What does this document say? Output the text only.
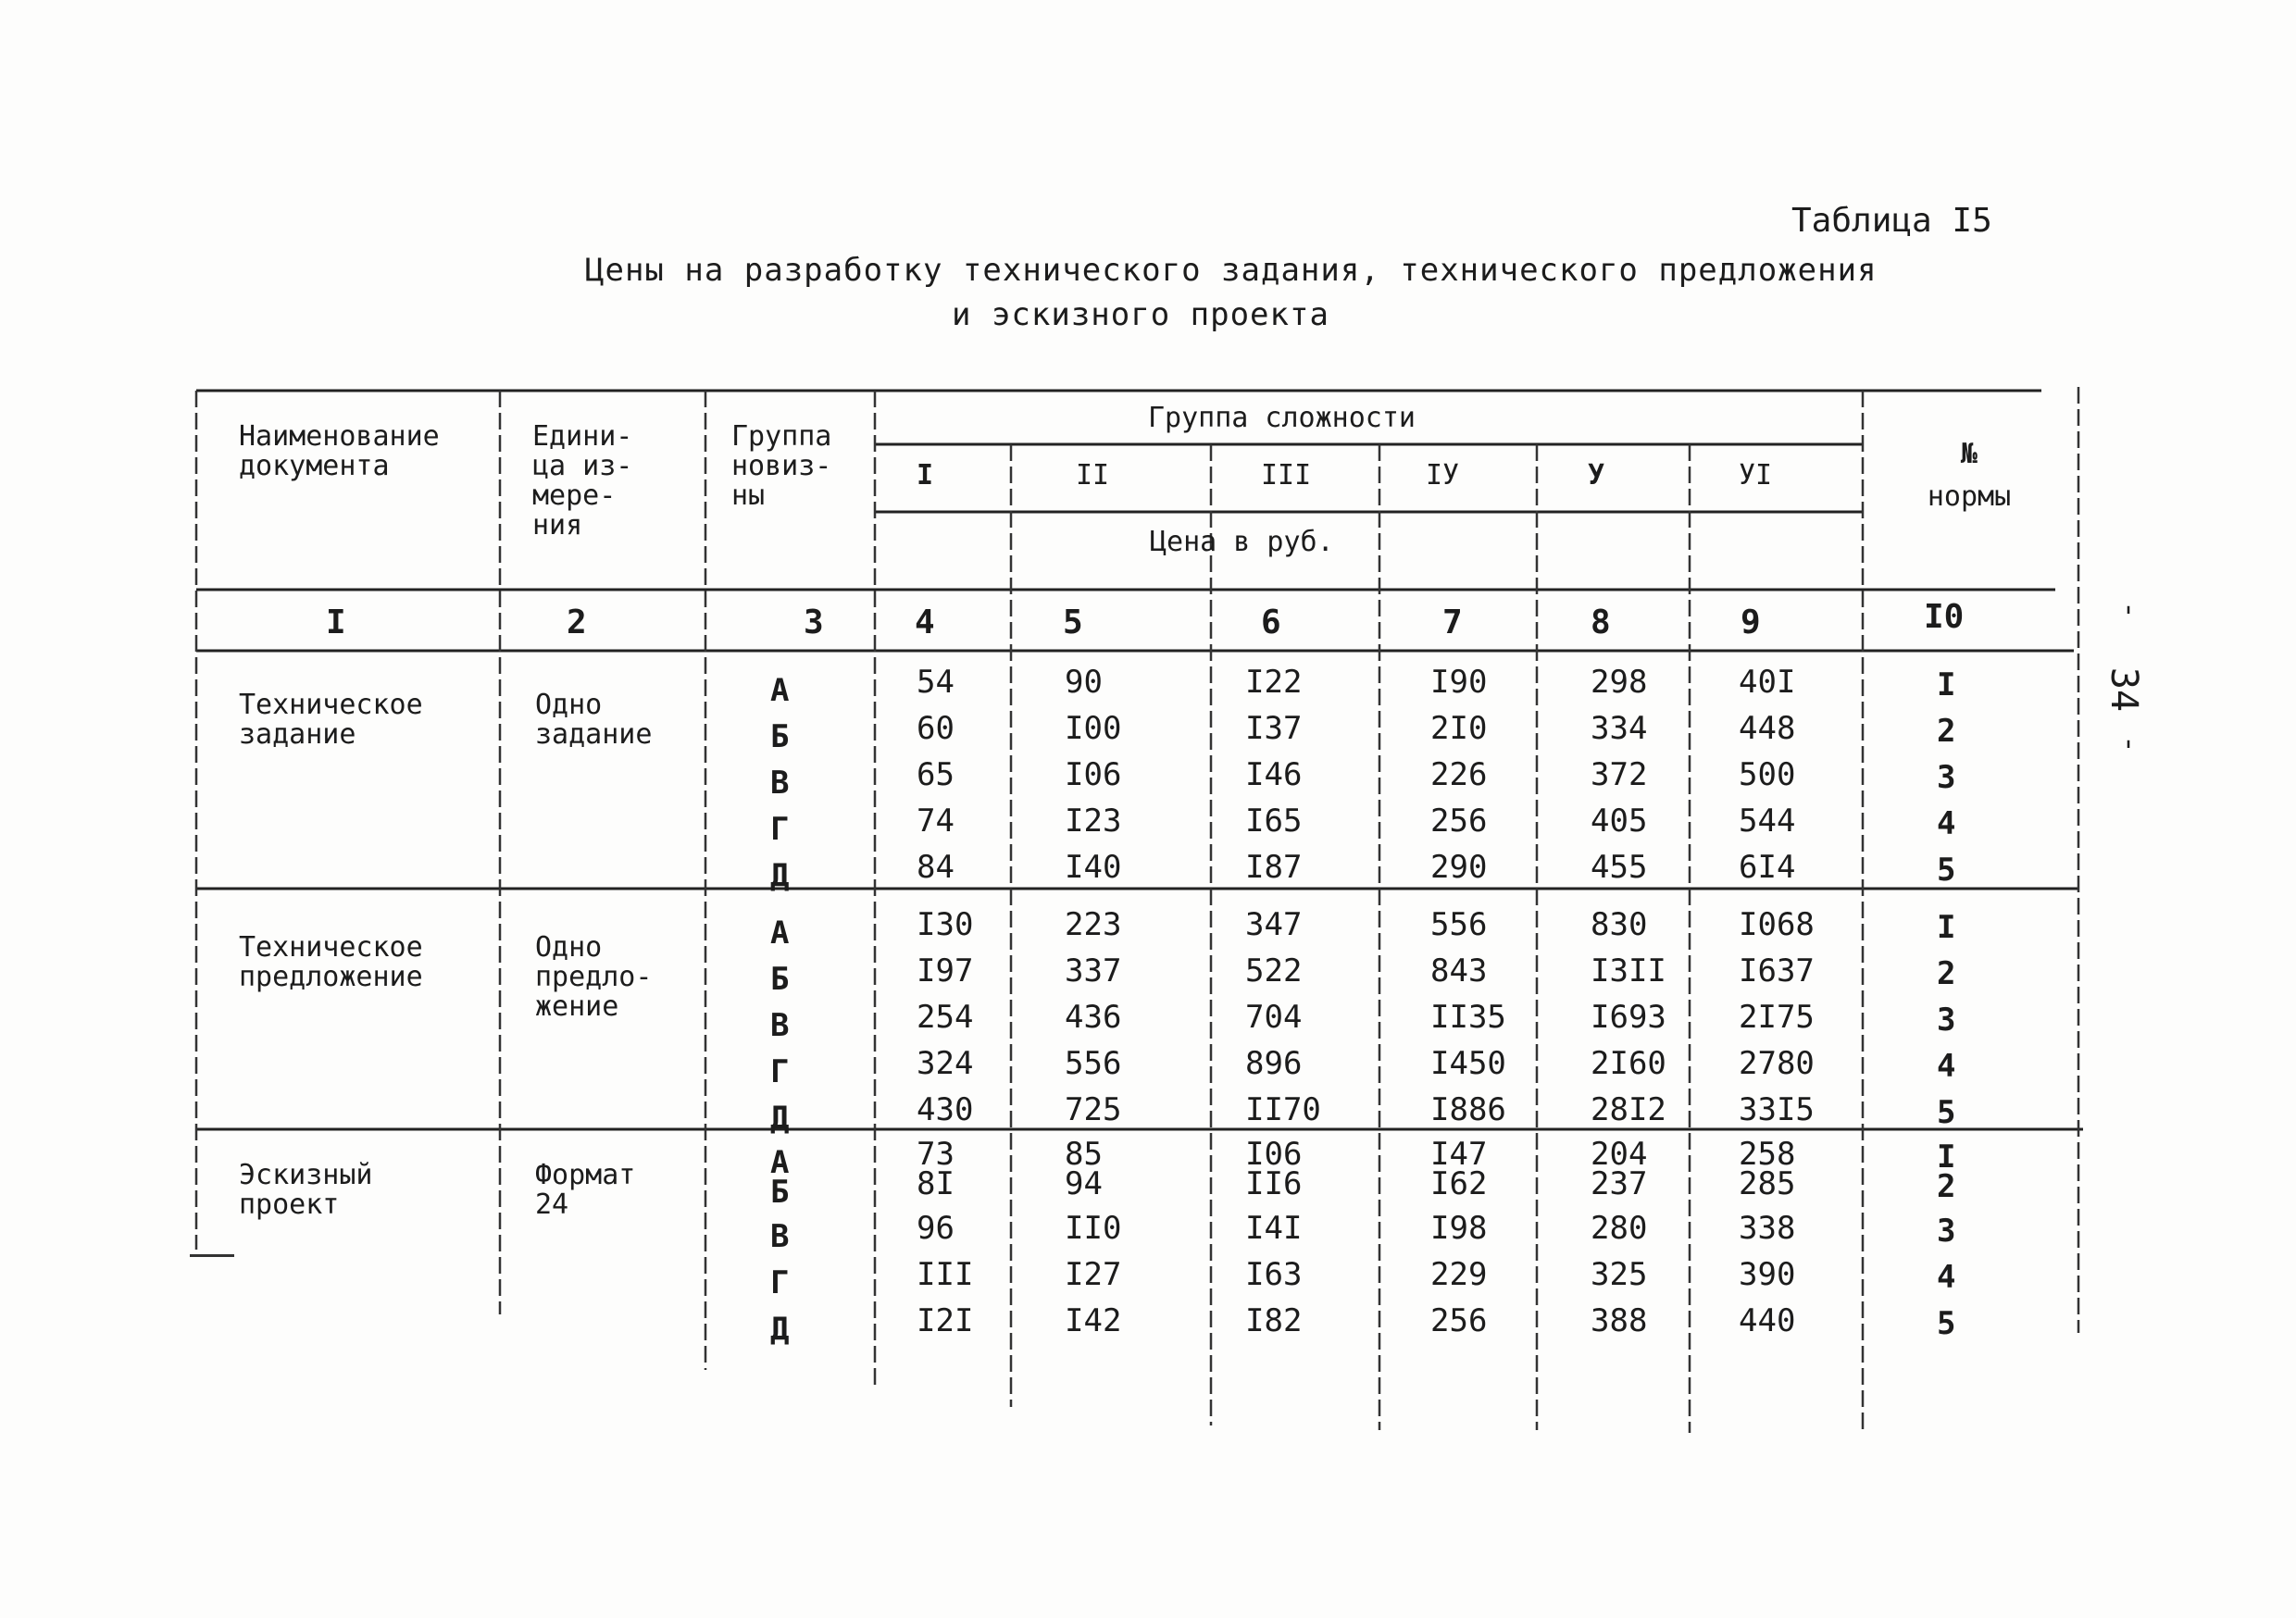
Таблица I5
Цены на разработку технического задания, технического предложения
и эскизного проекта
34
'
'
Наименование
документа
Едини-
ца из-
мере-
ния
Группа
новиз-
ны
Группа сложности
I	II	III	IУ	У	УI
Цена в руб.
№
нормы
I	2	3	4	5	6	7	8	9	I0
Техническое
задание
Одно
задание
А	54	90	I22	I90	298	40I	I
Б	60	I00	I37	2I0	334	448	2
В	65	I06	I46	226	372	500	3
Г	74	I23	I65	256	405	544	4
Д	84	I40	I87	290	455	6I4	5
Техническое
предложение
Одно
предло-
жение
А	I30	223	347	556	830	I068	I
Б	I97	337	522	843	I3II I637	2
В	254	436	704	II35	I693 2I75	3
Г	324	556	896	I450	2I60 2780	4
Д	430	725	II70	I886	28I2 33I5	5
Эскизный
проект
Формат
24
А	73	85	I06	I47	204	258	I
Б	8I	94	II6	I62	237	285	2
В	96	II0	I4I	I98	280	338	3
Г	III	I27	I63	229	325	390	4
Д	I2I	I42	I82	256	388	440	5
